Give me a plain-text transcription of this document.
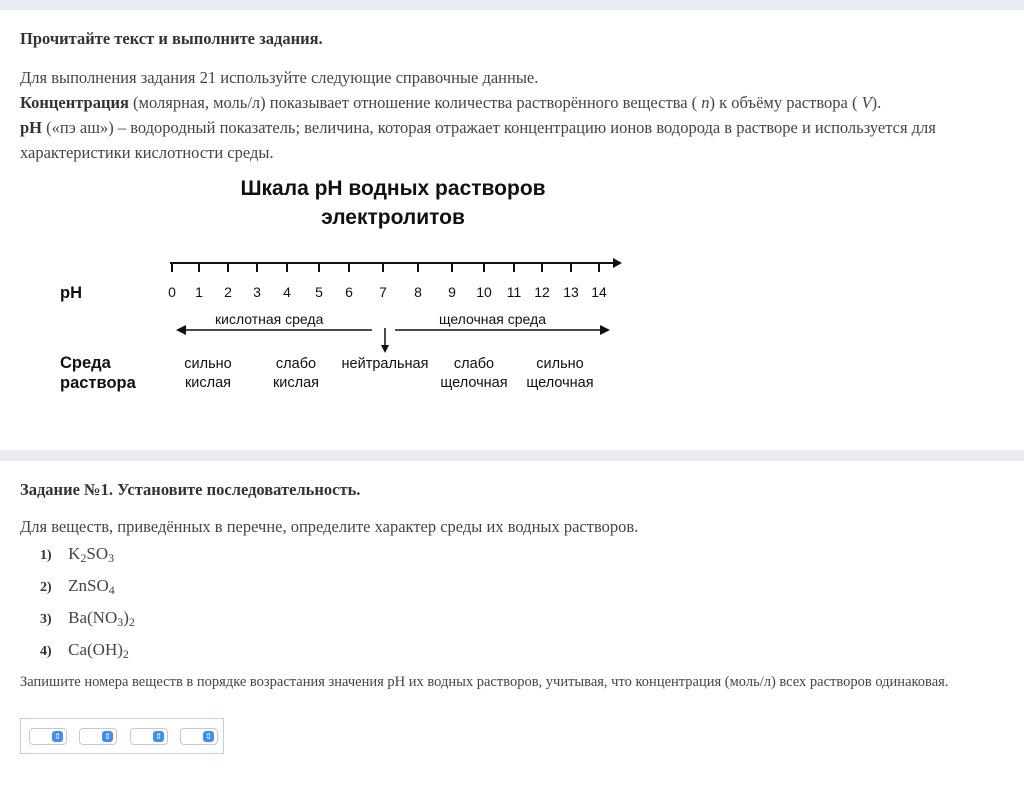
Прочитайте текст и выполните задания.
Для выполнения задания 21 используйте следующие справочные данные.
Концентрация (молярная, моль/л) показывает отношение количества растворённого вещества ( n) к объёму раствора ( V).
pH («пэ аш») – водородный показатель; величина, которая отражает концентрацию ионов водорода в растворе и используется для характеристики кислотности среды.
Шкала pH водных растворов
электролитов
pH	0	1	2	3	4	5	6	7	8	9	10	11 12 13 14
кислотная среда	щелочная среда
Среда
раствора
сильно
кислая
слабо
кислая
нейтральная	слабо
щелочная
сильно
щелочная
Задание №1. Установите последовательность.
Для веществ, приведённых в перечне, определите характер среды их водных растворов.
1) $K_2SO_3$
2) ZnSO$_4$
3) $Ba(NO_3)_2$
4) $Ca(OH)_2$
Запишите номера веществ в порядке возрастания значения pH их водных растворов, учитывая, что концентрация (моль/л) всех растворов одинаковая.
⇕	⇕	⇕	⇕
